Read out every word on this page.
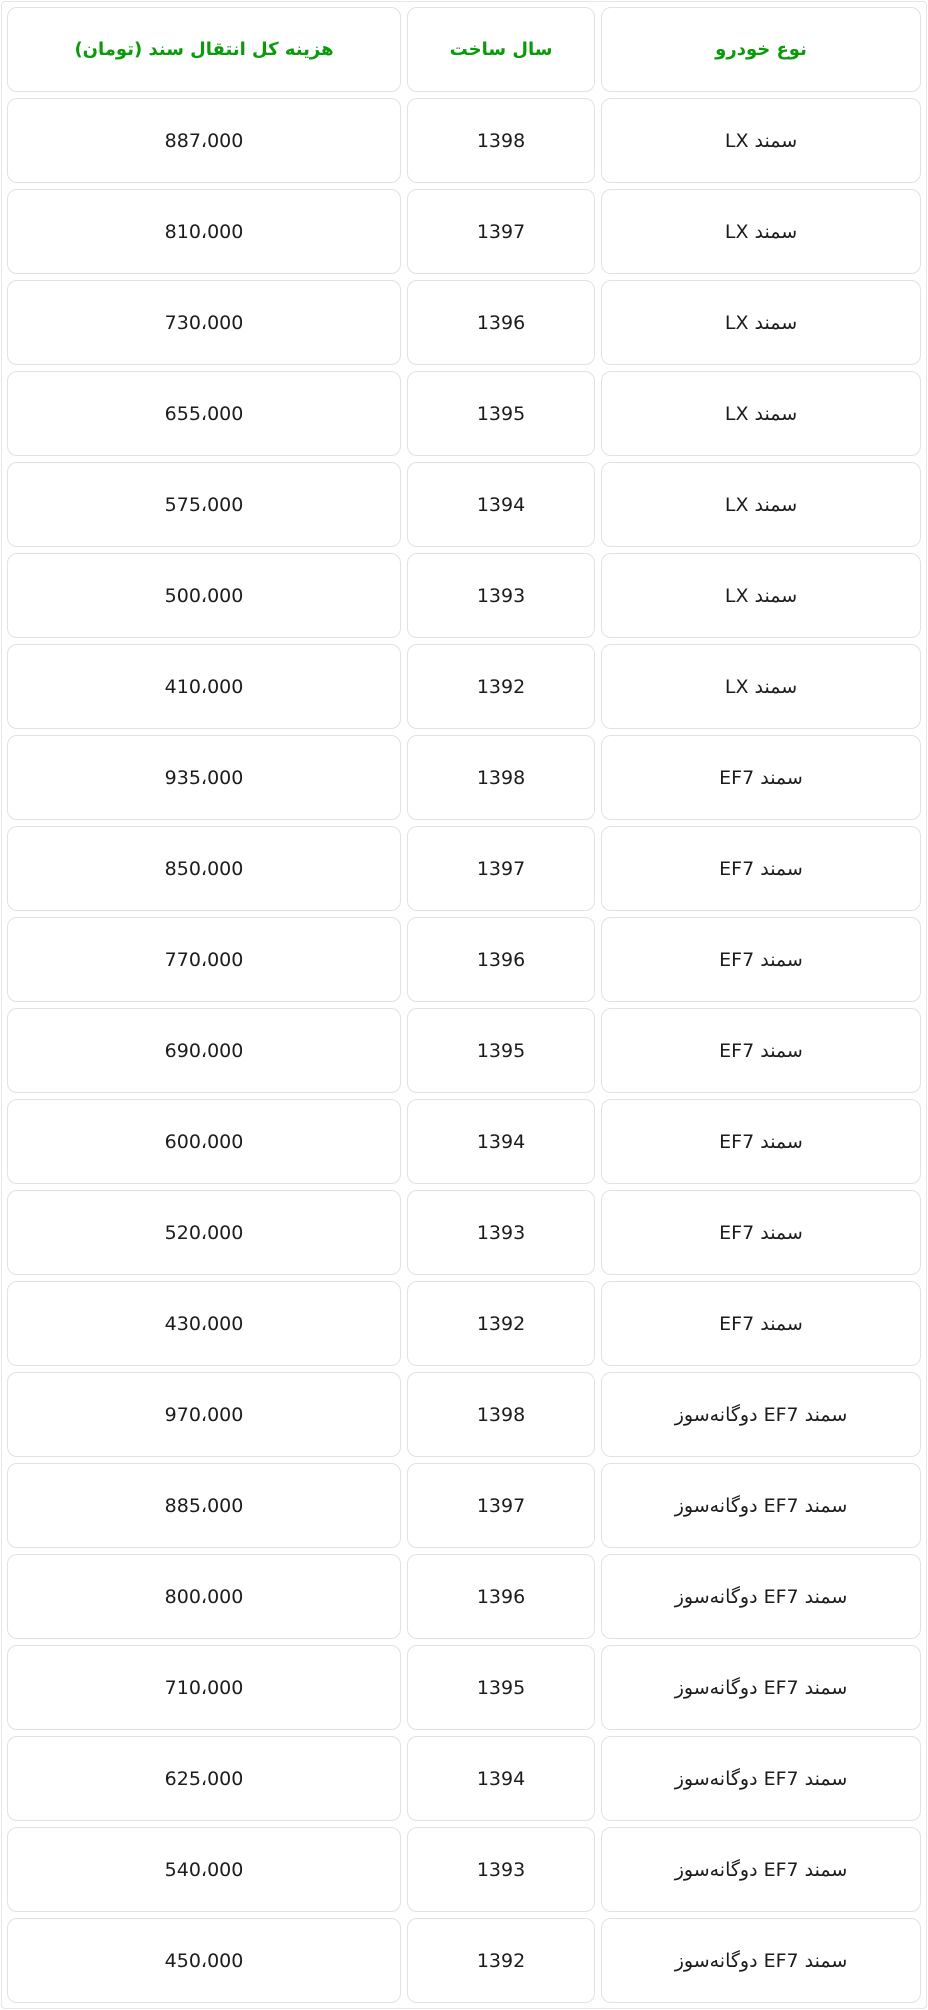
نوع خودرو
سال ساخت
هزینه کل انتقال سند (تومان)
سمند LX
1398
887،000
سمند LX
1397
810،000
سمند LX
1396
730،000
سمند LX
1395
655،000
سمند LX
1394
575،000
سمند LX
1393
500،000
سمند LX
1392
410،000
سمند EF7
1398
935،000
سمند EF7
1397
850،000
سمند EF7
1396
770،000
سمند EF7
1395
690،000
سمند EF7
1394
600،000
سمند EF7
1393
520،000
سمند EF7
1392
430،000
سمند EF7 دوگانه‌سوز
1398
970،000
سمند EF7 دوگانه‌سوز
1397
885،000
سمند EF7 دوگانه‌سوز
1396
800،000
سمند EF7 دوگانه‌سوز
1395
710،000
سمند EF7 دوگانه‌سوز
1394
625،000
سمند EF7 دوگانه‌سوز
1393
540،000
سمند EF7 دوگانه‌سوز
1392
450،000
